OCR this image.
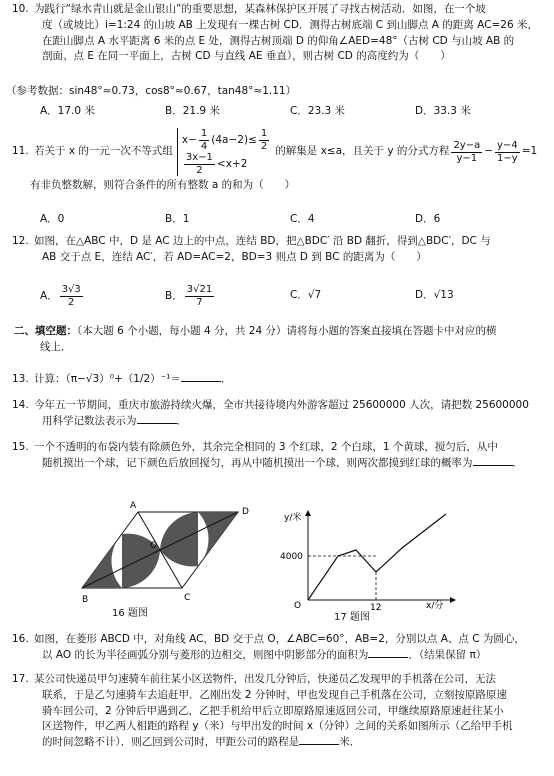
10. 为践行“绿水青山就是金山银山”的重要思想，某森林保护区开展了寻找古树活动．如图，在一个坡
度（或坡比）i=1:24 的山坡 AB 上发现有一棵古树 CD．测得古树底端 C 到山脚点 A 的距离 AC=26 米，
在距山脚点 A 水平距离 6 米的点 E 处，测得古树顶端 D 的仰角∠AED=48°（古树 CD 与山坡 AB 的
剖面、点 E 在同一平面上，古树 CD 与直线 AE 垂直），则古树 CD 的高度约为（　　）
（参考数据：sin48°≈0.73，cos8°≈0.67，tan48°≈1.11）
A．17.0 米	B．21.9 米	C．23.3 米	D．33.3 米
11. 若关于 x 的一元一次不等式组
$x- \frac{1}{4} (4a-2)\le \frac{1}{2}$
$\frac{3x-1}{2} <x+2$
的解集是 x≤a，且关于 y 的分式方程 $\frac{2y-a}{y-1} - \frac{y-4}{1-y} =1$
有非负整数解，则符合条件的所有整数 a 的和为（　　）
A．0	B．1	C．4	D．6
12. 如图，在△ABC 中，D 是 AC 边上的中点，连结 BD，把△BDC′ 沿 BD 翻折，得到△BDC′，DC 与
AB 交于点 E，连结 AC′，若 AD=AC=2，BD=3 则点 D 到 BC 的距离为（　　）
A． $\frac{3√3}{2}$	B． $\frac{3√21}{7}$	C．√7	D．√13
二、填空题：（本大题 6 个小题，每小题 4 分，共 24 分）请将每小题的答案直接填在答题卡中对应的横
线上．
13. 计算：（π−√3）⁰+（1/2）⁻¹＝	．
14. 今年五一节期间，重庆市旅游持续火爆，全市共接待境内外游客超过 25600000 人次，请把数 25600000
用科学记数法表示为	．
15. 一个不透明的布袋内装有除颜色外，其余完全相同的 3 个红球，2 个白球，1 个黄球，搅匀后，从中
随机摸出一个球，记下颜色后放回搅匀，再从中随机摸出一个球，则两次都摸到红球的概率为	．
A
D
B	C
O
16 题图
y/米
4000
O	12	x/分
17 题图
16. 如图，在菱形 ABCD 中，对角线 AC，BD 交于点 O，∠ABC=60°，AB=2，分别以点 A、点 C 为圆心，
以 AO 的长为半径画弧分别与菱形的边相交，则图中阴影部分的面积为	．（结果保留 π）
17. 某公司快递员甲匀速骑车前往某小区送物件，出发几分钟后，快递员乙发现甲的手机落在公司，无法
联系，于是乙匀速骑车去追赶甲．乙刚出发 2 分钟时，甲也发现自己手机落在公司，立刻按原路原速
骑车回公司，2 分钟后甲遇到乙，乙把手机给甲后立即原路原速返回公司，甲继续原路原速赶往某小
区送物件，甲乙两人相距的路程 y（米）与甲出发的时间 x（分钟）之间的关系如图所示（乙给甲手机
的时间忽略不计）．则乙回到公司时，甲距公司的路程是	米．
